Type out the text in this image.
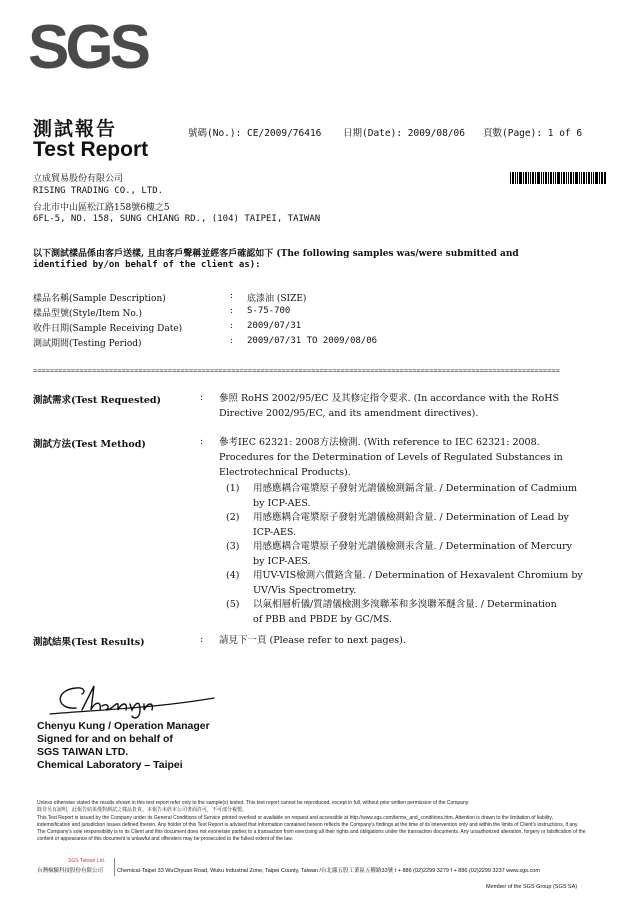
SGS
測試報告
Test Report
號碼(No.): CE/2009/76416 日期(Date): 2009/08/06 頁數(Page): 1 of 6
立成貿易股份有限公司
RISING TRADING CO., LTD.
台北市中山區松江路158號6樓之5
6FL-5, NO. 158, SUNG CHIANG RD., (104) TAIPEI, TAIWAN
以下測試樣品係由客戶送樣, 且由客戶聲稱並經客戶確認如下 (The following samples was/were submitted and
identified by/on behalf of the client as):
樣品名稱(Sample Description)	: 底漆油 (SIZE)
樣品型號(Style/Item No.)	: S-75-700
收件日期(Sample Receiving Date)	: 2009/07/31
測試期間(Testing Period)	: 2009/07/31 TO 2009/08/06
=============================================================================================================================
測試需求(Test Requested)	: 參照 RoHS 2002/95/EC 及其修定指令要求. (In accordance with the RoHS
Directive 2002/95/EC, and its amendment directives).
測試方法(Test Method)	: 參考IEC 62321: 2008方法檢測. (With reference to IEC 62321: 2008.
Procedures for the Determination of Levels of Regulated Substances in
Electrotechnical Products).
(1) 用感應耦合電漿原子發射光譜儀檢測鎘含量. / Determination of Cadmium
by ICP-AES.
(2) 用感應耦合電漿原子發射光譜儀檢測鉛含量. / Determination of Lead by
ICP-AES.
(3) 用感應耦合電漿原子發射光譜儀檢測汞含量. / Determination of Mercury
by ICP-AES.
(4) 用UV-VIS檢測六價鉻含量. / Determination of Hexavalent Chromium by
UV/Vis Spectrometry.
(5) 以氣相層析儀/質譜儀檢測多溴聯苯和多溴聯苯醚含量. / Determination
of PBB and PBDE by GC/MS.
測試結果(Test Results)	: 請見下一頁 (Please refer to next pages).
Chenyu Kung / Operation Manager
Signed for and on behalf of
SGS TAIWAN LTD.
Chemical Laboratory – Taipei
Unless otherwise stated the results shown in this test report refer only to the sample(s) tested. This test report cannot be reproduced, except in full, without prior written permission of the Company.
除非另有說明，此報告結果僅對測試之樣品負責。本報告未經本公司書面許可，不可部分複製。
This Test Report is issued by the Company under its General Conditions of Service printed overleaf or available on request and accessible at http://www.sgs.com/terms_and_conditions.htm. Attention is drawn to the limitation of liability, indemnification and jurisdiction issues defined therein. Any holder of this Test Report is advised that information contained hereon reflects the Company's findings at the time of its intervention only and within the limits of Client's instructions, if any. The Company's sole responsibility is to its Client and this document does not exonerate parties to a transaction from exercising all their rights and obligations under the transaction documents. Any unauthorized alteration, forgery or falsification of the content or appearance of this document is unlawful and offenders may be prosecuted to the fullest extent of the law.
SGS Taiwan Ltd.
台灣檢驗科技股份有限公司	Chemical-Taipei 33 WuChyuan Road, Wuku Industrial Zone, Taipei County, Taiwan /台北縣五股工業區五權路33號 t + 886 (02)2299 3279 f + 886 (02)2299 3237 www.sgs.com
Member of the SGS Group (SGS SA)
